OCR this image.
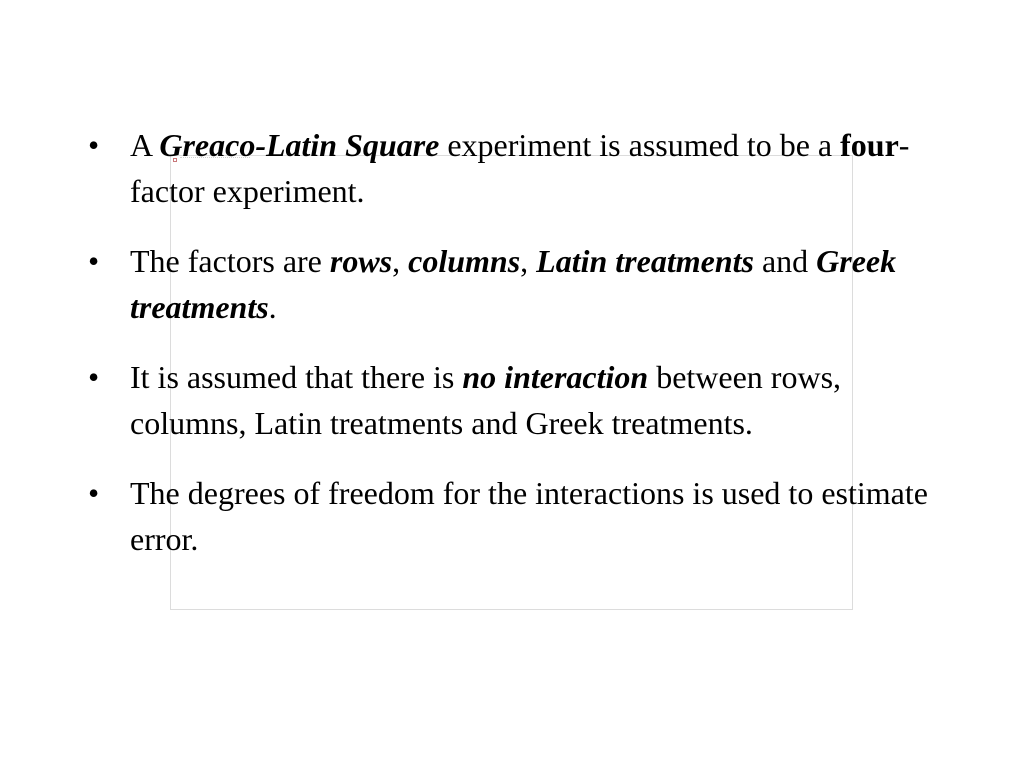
• A Greaco-Latin Square experiment is assumed to be a four-factor experiment.
• The factors are rows, columns, Latin treatments and Greek treatments.
• It is assumed that there is no interaction between rows, columns, Latin treatments and Greek treatments.
• The degrees of freedom for the interactions is used to estimate error.
